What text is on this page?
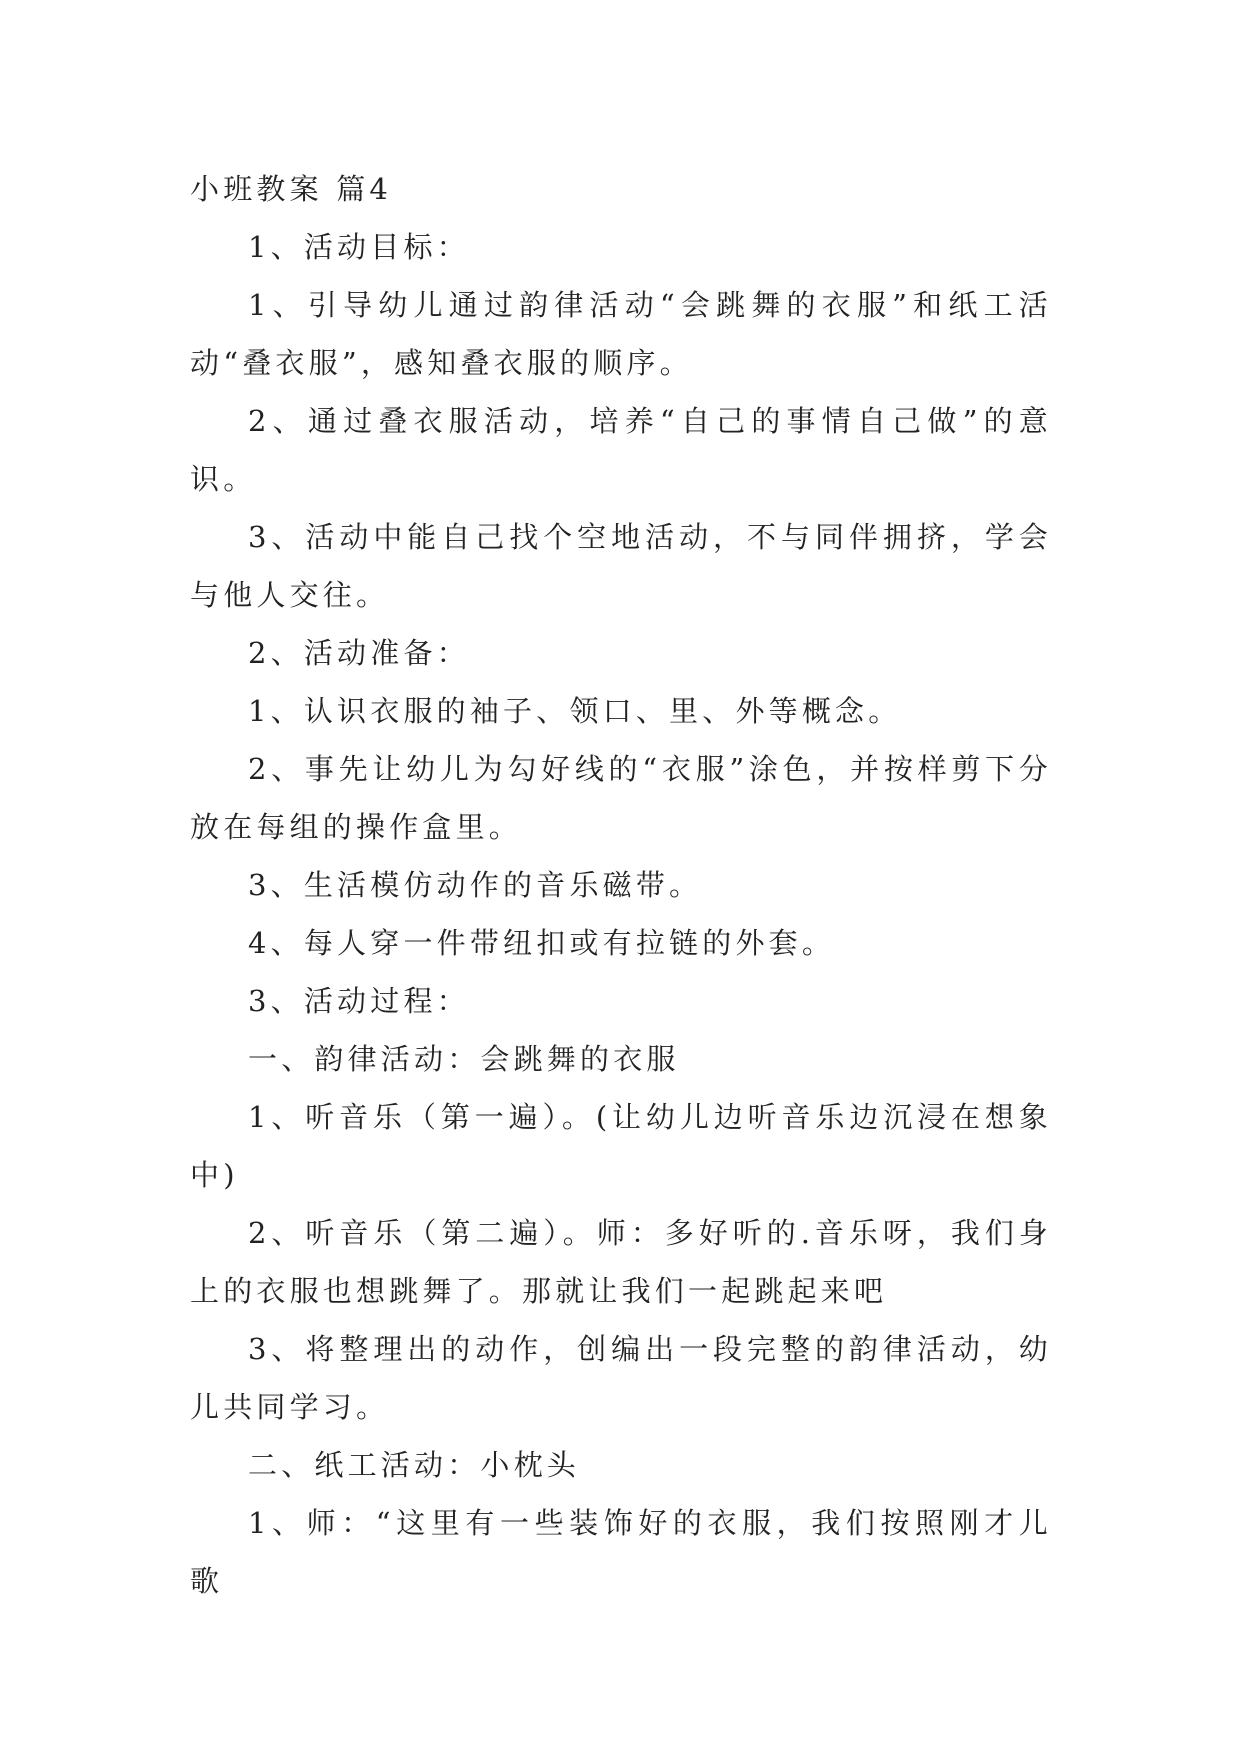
小班教案 篇4

1、活动目标：

1、引导幼儿通过韵律活动“会跳舞的衣服”和纸工活动“叠衣服”，感知叠衣服的顺序。

2、通过叠衣服活动，培养“自己的事情自己做”的意识。

3、活动中能自己找个空地活动，不与同伴拥挤，学会与他人交往。

2、活动准备：

1、认识衣服的袖子、领口、里、外等概念。

2、事先让幼儿为勾好线的“衣服”涂色，并按样剪下分放在每组的操作盒里。

3、生活模仿动作的音乐磁带。

4、每人穿一件带纽扣或有拉链的外套。

3、活动过程：

一、韵律活动：会跳舞的衣服

1、听音乐（第一遍）。(让幼儿边听音乐边沉浸在想象中)

2、听音乐（第二遍）。师：多好听的.音乐呀，我们身上的衣服也想跳舞了。那就让我们一起跳起来吧

3、将整理出的动作，创编出一段完整的韵律活动，幼儿共同学习。

二、纸工活动：小枕头

1、师：“这里有一些装饰好的衣服，我们按照刚才儿歌
